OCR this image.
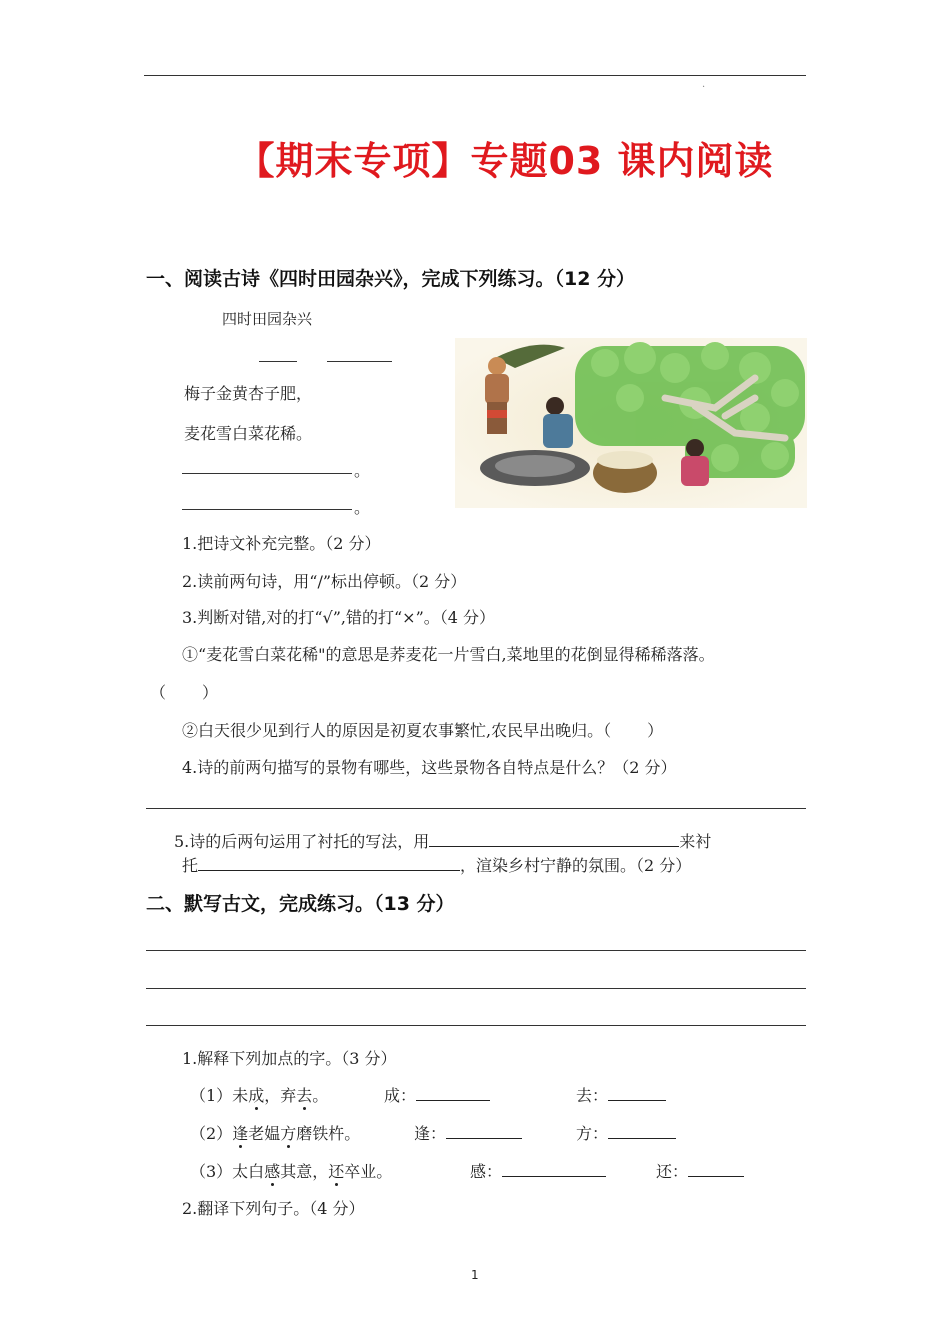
·
【期末专项】专题03 课内阅读
一、阅读古诗《四时田园杂兴》，完成下列练习。（12 分）
四时田园杂兴
梅子金黄杏子肥，
麦花雪白菜花稀。
。
。
1.把诗文补充完整。（2 分）
2.读前两句诗，用“/”标出停顿。（2 分）
3.判断对错,对的打“√”,错的打“×”。（4 分）
①“麦花雪白菜花稀"的意思是荞麦花一片雪白,菜地里的花倒显得稀稀落落。
（ ）
②白天很少见到行人的原因是初夏农事繁忙,农民早出晚归。（ ）
4.诗的前两句描写的景物有哪些，这些景物各自特点是什么？（2 分）
5.诗的后两句运用了衬托的写法，用	来衬
托	，渲染乡村宁静的氛围。（2 分）
二、默写古文，完成练习。（13 分）
1.解释下列加点的字。（3 分）
（1）未成，弃去。	成：	去：
（2）逢老媪方磨铁杵。	逢：	方：
（3）太白感其意，还卒业。	感：	还：
2.翻译下列句子。（4 分）
1
